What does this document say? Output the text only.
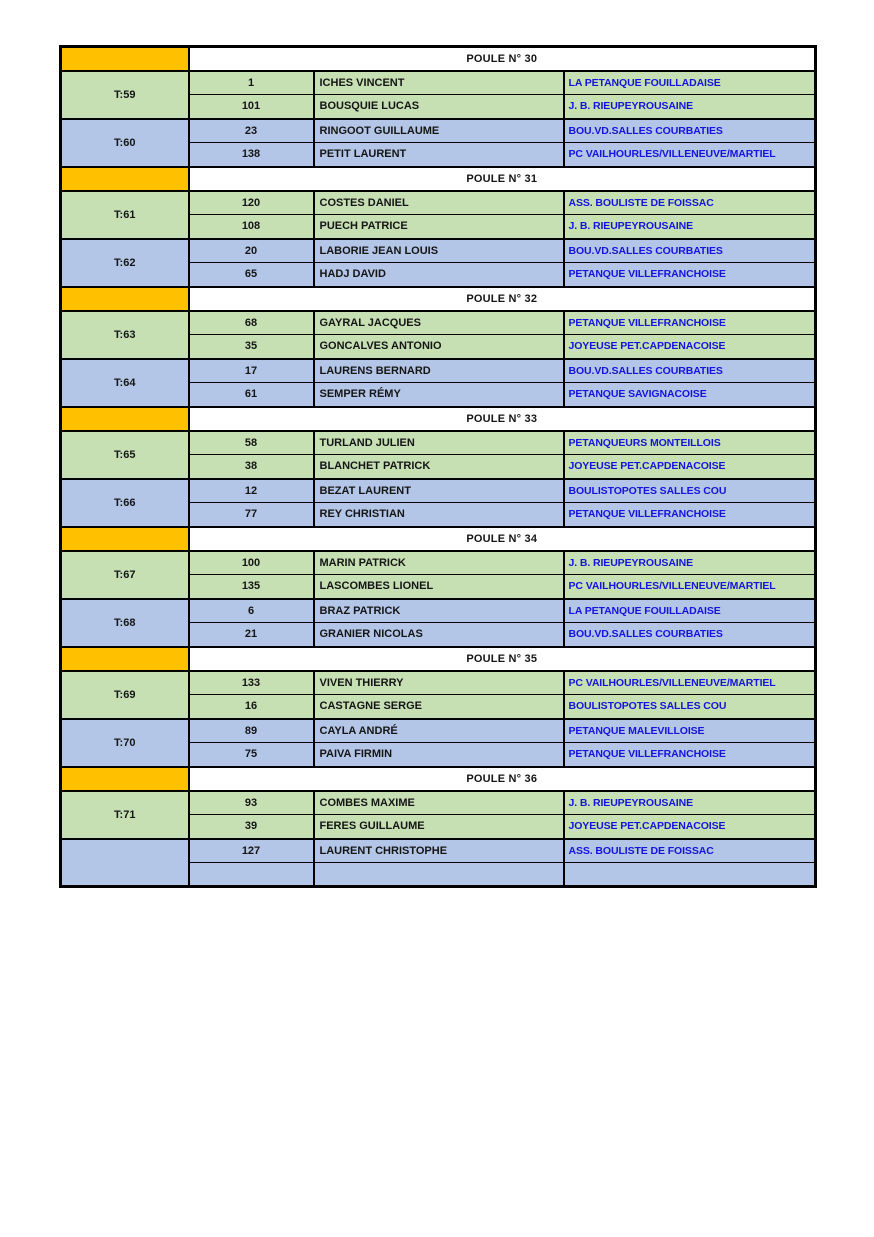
	POULE N° 30		
T:59	1	ICHES VINCENT	LA PETANQUE FOUILLADAISE
	101	BOUSQUIE LUCAS	J. B. RIEUPEYROUSAINE
T:60	23	RINGOOT GUILLAUME	BOU.VD.SALLES COURBATIES
	138	PETIT LAURENT	PC VAILHOURLES/VILLENEUVE/MARTIEL
	POULE N° 31		
T:61	120	COSTES DANIEL	ASS. BOULISTE DE FOISSAC
	108	PUECH PATRICE	J. B. RIEUPEYROUSAINE
T:62	20	LABORIE JEAN LOUIS	BOU.VD.SALLES COURBATIES
	65	HADJ DAVID	PETANQUE VILLEFRANCHOISE
	POULE N° 32		
T:63	68	GAYRAL JACQUES	PETANQUE VILLEFRANCHOISE
	35	GONCALVES ANTONIO	JOYEUSE PET.CAPDENACOISE
T:64	17	LAURENS BERNARD	BOU.VD.SALLES COURBATIES
	61	SEMPER RÉMY	PETANQUE SAVIGNACOISE
	POULE N° 33		
T:65	58	TURLAND JULIEN	PETANQUEURS MONTEILLOIS
	38	BLANCHET PATRICK	JOYEUSE PET.CAPDENACOISE
T:66	12	BEZAT LAURENT	BOULISTOPOTES SALLES COU
	77	REY CHRISTIAN	PETANQUE VILLEFRANCHOISE
	POULE N° 34		
T:67	100	MARIN PATRICK	J. B. RIEUPEYROUSAINE
	135	LASCOMBES LIONEL	PC VAILHOURLES/VILLENEUVE/MARTIEL
T:68	6	BRAZ PATRICK	LA PETANQUE FOUILLADAISE
	21	GRANIER NICOLAS	BOU.VD.SALLES COURBATIES
	POULE N° 35		
T:69	133	VIVEN THIERRY	PC VAILHOURLES/VILLENEUVE/MARTIEL
	16	CASTAGNE SERGE	BOULISTOPOTES SALLES COU
T:70	89	CAYLA ANDRÉ	PETANQUE MALEVILLOISE
	75	PAIVA FIRMIN	PETANQUE VILLEFRANCHOISE
	POULE N° 36		
T:71	93	COMBES MAXIME	J. B. RIEUPEYROUSAINE
	39	FERES GUILLAUME	JOYEUSE PET.CAPDENACOISE
	127	LAURENT CHRISTOPHE	ASS. BOULISTE DE FOISSAC
